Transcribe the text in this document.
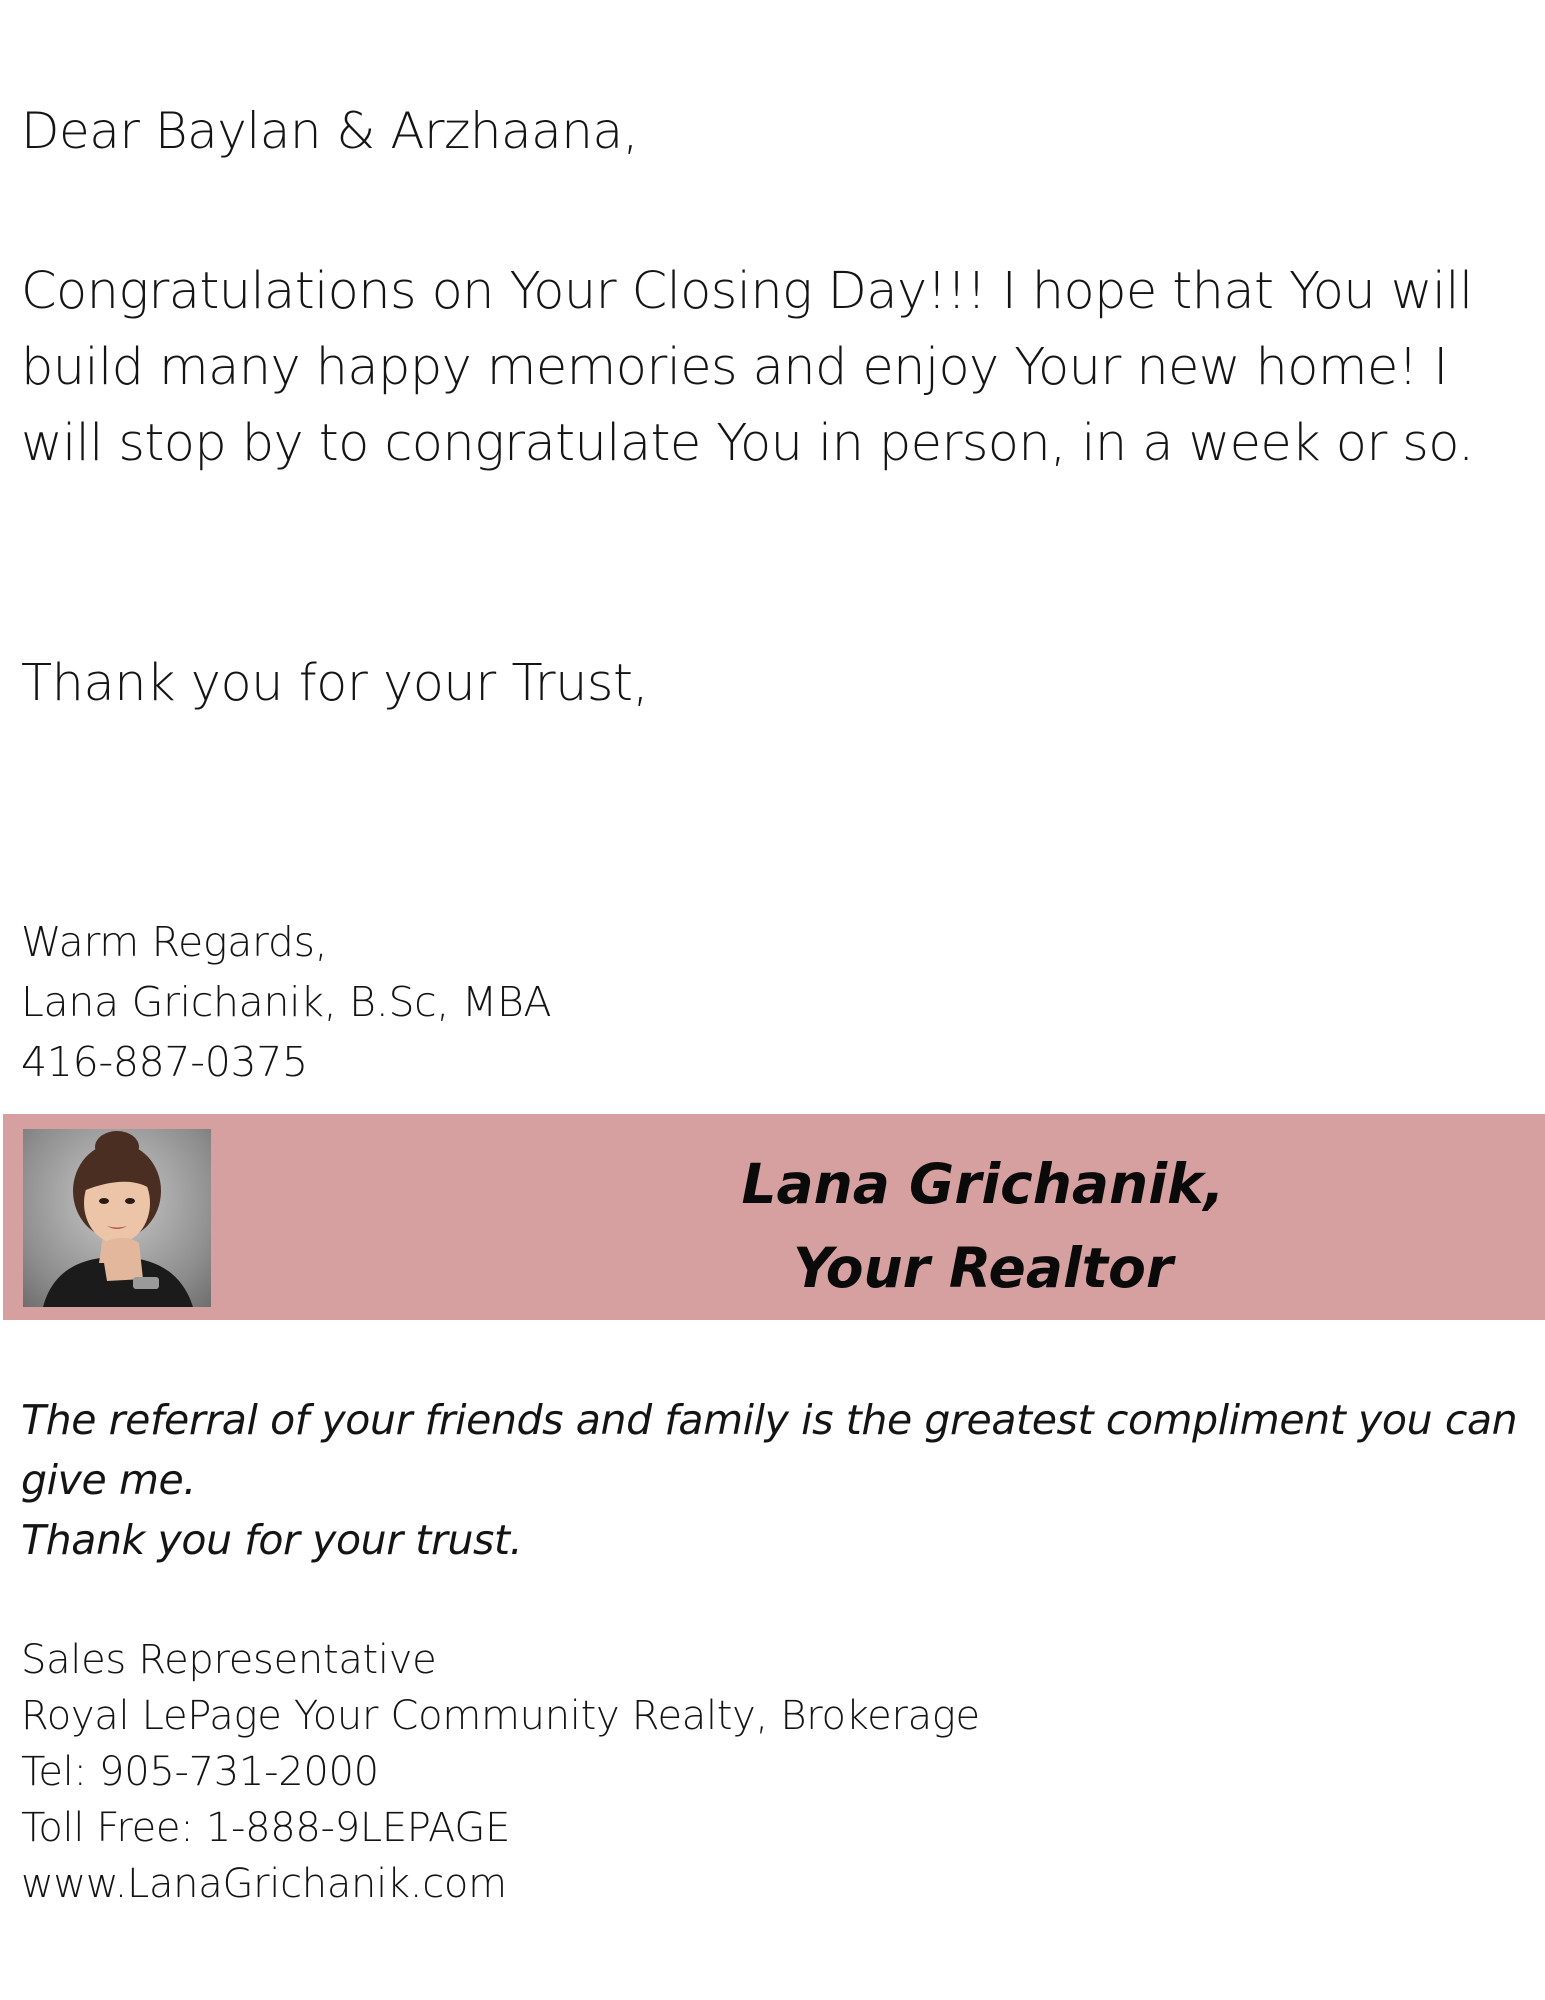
Dear Baylan & Arzhaana,

Congratulations on Your Closing Day!!! I hope that You will build many happy memories and enjoy Your new home! I will stop by to congratulate You in person, in a week or so.

Thank you for your Trust,

Warm Regards,
Lana Grichanik, B.Sc, MBA
416-887-0375
Lana Grichanik,
Your Realtor
The referral of your friends and family is the greatest compliment you can give me.
Thank you for your trust.
Sales Representative
Royal LePage Your Community Realty, Brokerage
Tel: 905-731-2000
Toll Free: 1-888-9LEPAGE
www.LanaGrichanik.com
